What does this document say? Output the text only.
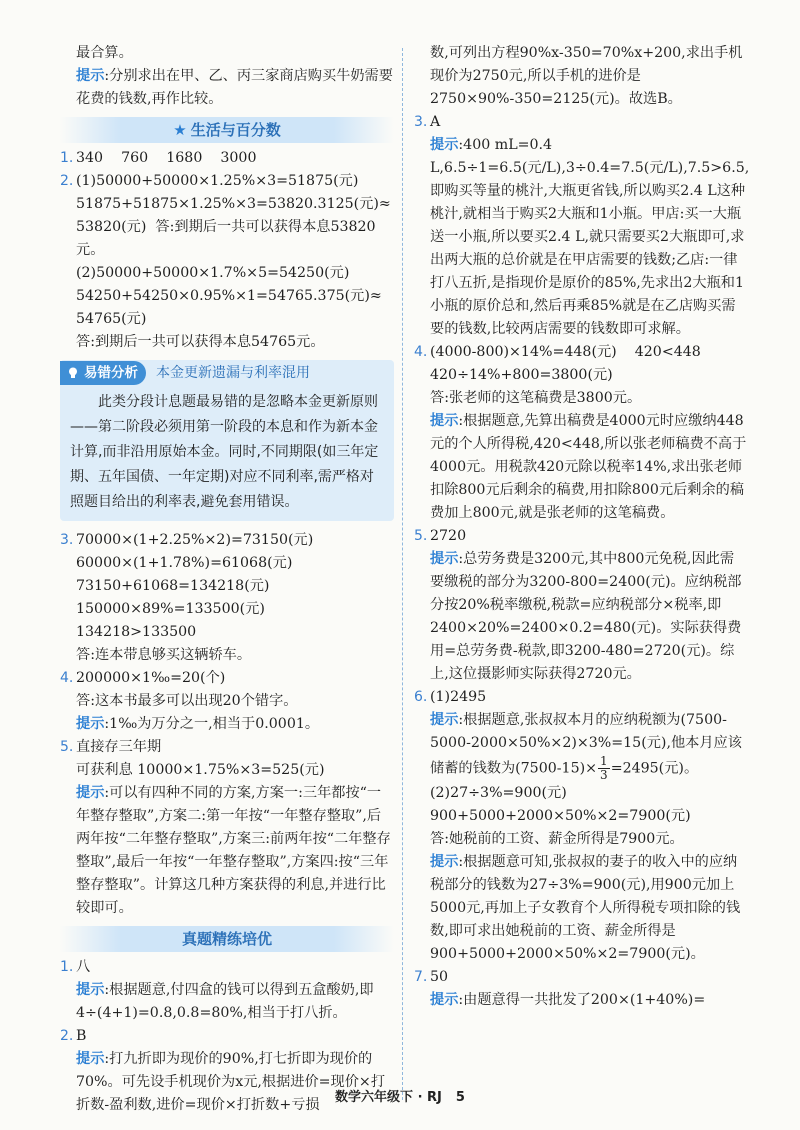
最合算。

提示:分别求出在甲、乙、丙三家商店购买牛奶需要花费的钱数,再作比较。

★ 生活与百分数
1. 340    760    1680    3000
2. (1)50000+50000×1.25%×3=51875(元)
51875+51875×1.25%×3=53820.3125(元)≈
53820(元)  答:到期后一共可以获得本息53820元。
(2)50000+50000×1.7%×5=54250(元)
54250+54250×0.95%×1=54765.375(元)≈
54765(元)
答:到期后一共可以获得本息54765元。
易错分析 本金更新遗漏与利率混用
此类分段计息题最易错的是忽略本金更新原则——第二阶段必须用第一阶段的本息和作为新本金计算,而非沿用原始本金。同时,不同期限(如三年定期、五年国债、一年定期)对应不同利率,需严格对照题目给出的利率表,避免套用错误。
3. 70000×(1+2.25%×2)=73150(元)
60000×(1+1.78%)=61068(元)
73150+61068=134218(元)
150000×89%=133500(元)    134218>133500
答:连本带息够买这辆轿车。
4. 200000×1‰=20(个)
答:这本书最多可以出现20个错字。

提示:1‰为万分之一,相当于0.0001。

5. 直接存三年期
可获利息 10000×1.75%×3=525(元)

提示:可以有四种不同的方案,方案一:三年都按“一年整存整取”,方案二:第一年按“一年整存整取”,后两年按“二年整存整取”,方案三:前两年按“二年整存整取”,最后一年按“一年整存整取”,方案四:按“三年整存整取”。计算这几种方案获得的利息,并进行比较即可。

真题精练培优
1. 八

提示:根据题意,付四盒的钱可以得到五盒酸奶,即4÷(4+1)=0.8,0.8=80%,相当于打八折。

2. B

提示:打九折即为现价的90%,打七折即为现价的70%。可先设手机现价为x元,根据进价=现价×打折数-盈利数,进价=现价×打折数+亏损

数,可列出方程90%x-350=70%x+200,求出手机现价为2750元,所以手机的进价是2750×90%-350=2125(元)。故选B。

3. A

提示:400 mL=0.4 L,6.5÷1=6.5(元/L),3÷0.4=7.5(元/L),7.5>6.5,即购买等量的桃汁,大瓶更省钱,所以购买2.4 L这种桃汁,就相当于购买2大瓶和1小瓶。甲店:买一大瓶送一小瓶,所以要买2.4 L,就只需要买2大瓶即可,求出两大瓶的总价就是在甲店需要的钱数;乙店:一律打八五折,是指现价是原价的85%,先求出2大瓶和1小瓶的原价总和,然后再乘85%就是在乙店购买需要的钱数,比较两店需要的钱数即可求解。

4. (4000-800)×14%=448(元)    420<448
420÷14%+800=3800(元)
答:张老师的这笔稿费是3800元。

提示:根据题意,先算出稿费是4000元时应缴纳448元的个人所得税,420<448,所以张老师稿费不高于4000元。用税款420元除以税率14%,求出张老师扣除800元后剩余的稿费,用扣除800元后剩余的稿费加上800元,就是张老师的这笔稿费。

5. 2720

提示:总劳务费是3200元,其中800元免税,因此需要缴税的部分为3200-800=2400(元)。应纳税部分按20%税率缴税,税款=应纳税部分×税率,即2400×20%=2400×0.2=480(元)。实际获得费用=总劳务费-税款,即3200-480=2720(元)。综上,这位摄影师实际获得2720元。

6. (1)2495

提示:根据题意,张叔叔本月的应纳税额为(7500-5000-2000×50%×2)×3%=15(元),他本月应该储蓄的钱数为$(7500-15)\times \frac{1}{3} =2495$(元)。

(2)27÷3%=900(元)
900+5000+2000×50%×2=7900(元)
答:她税前的工资、薪金所得是7900元。

提示:根据题意可知,张叔叔的妻子的收入中的应纳税部分的钱数为27÷3%=900(元),用900元加上5000元,再加上子女教育个人所得税专项扣除的钱数,即可求出她税前的工资、薪金所得是900+5000+2000×50%×2=7900(元)。

7. 50

提示:由题意得一共批发了200×(1+40%)=

数学六年级下 · RJ 5
